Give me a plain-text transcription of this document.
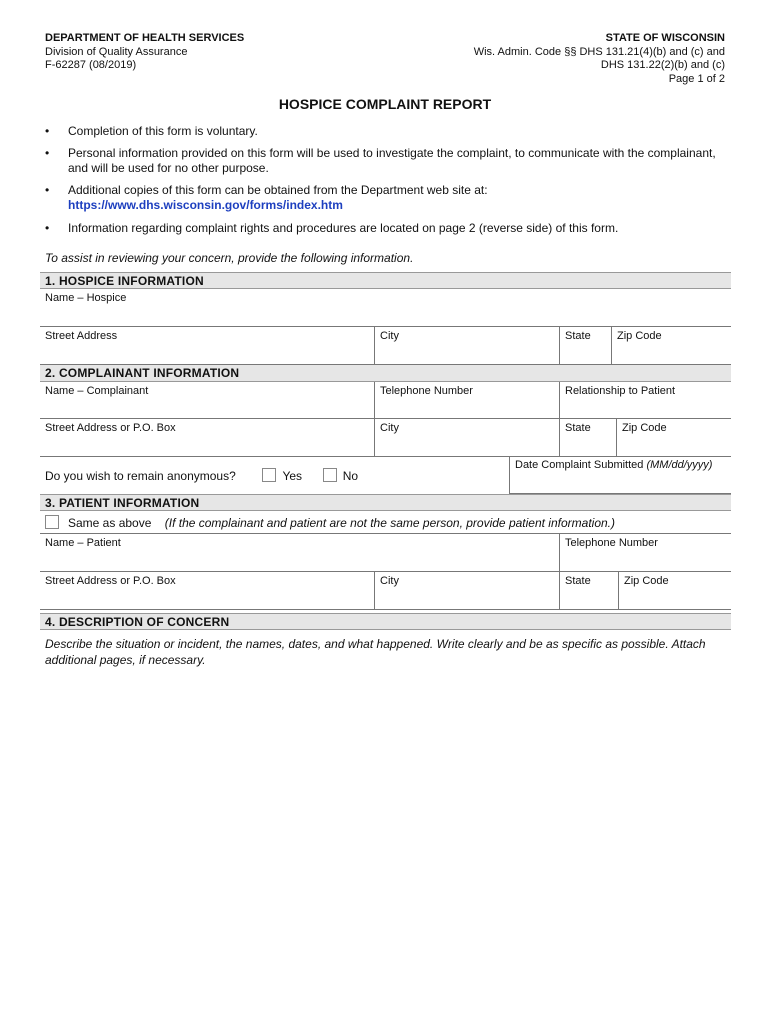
DEPARTMENT OF HEALTH SERVICES
Division of Quality Assurance
F-62287 (08/2019)
STATE OF WISCONSIN
Wis. Admin. Code §§ DHS 131.21(4)(b) and (c) and
DHS 131.22(2)(b) and (c)
Page 1 of 2
HOSPICE COMPLAINT REPORT
• Completion of this form is voluntary.
• Personal information provided on this form will be used to investigate the complaint, to communicate with the complainant, and will be used for no other purpose.
• Additional copies of this form can be obtained from the Department web site at:
https://www.dhs.wisconsin.gov/forms/index.htm
• Information regarding complaint rights and procedures are located on page 2 (reverse side) of this form.
To assist in reviewing your concern, provide the following information.
1. HOSPICE INFORMATION
Name – Hospice
Street Address	City	State	Zip Code
2. COMPLAINANT INFORMATION
Name – Complainant	Telephone Number	Relationship to Patient
Street Address or P.O. Box	City	State	Zip Code
Do you wish to remain anonymous?	Yes	No
Date Complaint Submitted (MM/dd/yyyy)
3. PATIENT INFORMATION
Same as above (If the complainant and patient are not the same person, provide patient information.)
Name – Patient	Telephone Number
Street Address or P.O. Box	City	State	Zip Code
4. DESCRIPTION OF CONCERN
Describe the situation or incident, the names, dates, and what happened. Write clearly and be as specific as possible. Attach additional pages, if necessary.
